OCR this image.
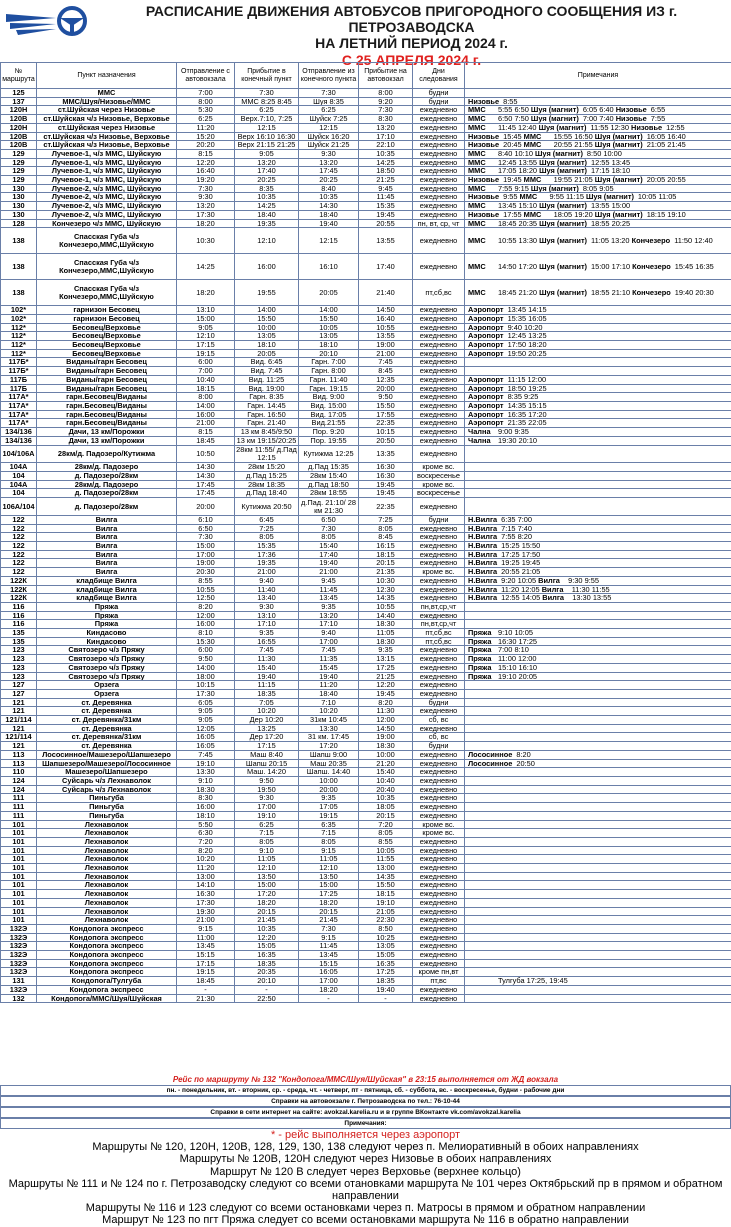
РАСПИСАНИЕ ДВИЖЕНИЯ АВТОБУСОВ ПРИГОРОДНОГО СООБЩЕНИЯ ИЗ г. ПЕТРОЗАВОДСКА
НА ЛЕТНИЙ ПЕРИОД 2024 г.
С 25 АПРЕЛЯ 2024 г.
№ маршрута	Пункт назначения	Отправление с автовокзала	Прибытие в конечный пункт	Отправление из конечного пункта	Прибытие на автовокзал	Дни следования	Примечания
125	ММС	7:00	7:30	7:30	8:00	будни	
137	ММС/Шуя/Низовье/ММС	8:00	ММС 8:25 8:45	Шуя 8:35	9:20	будни	Низовье 8:55
120Н	ст.Шуйская через Низовье	5:30	6:25	6:25	7:30	ежедневно	ММС 5:55 6:50 Шуя (магнит) 6:05 6:40 Низовье 6:55
120В	ст.Шуйская ч/з Низовье, Верховье	6:25	Верх.7:10, 7:25	Шуйск 7:25	8:30	ежедневно	ММС 6:50 7:50 Шуя (магнит) 7:00 7:40 Низовье 7:55
120Н	ст.Шуйская через Низовье	11:20	12:15	12:15	13:20	ежедневно	ММС 11:45 12:40 Шуя (магнит) 11:55 12:30 Низовье 12:55
120В	ст.Шуйская ч/з Низовье, Верховье	15:20	Верх 16:10 16:30	Шуйск 16:20	17:10	ежедневно	Низовье 15:45 ММС 15:55 16:50 Шуя (магнит) 16:05 16:40
120В	ст.Шуйская ч/з Низовье, Верховье	20:20	Верх 21:15 21:25	Шуйск 21:25	22:10	ежедневно	Низовье 20:45 ММС 20:55 21:55 Шуя (магнит) 21:05 21:45
129	Лучевое-1, ч/з ММС, Шуйскую	8:15	9:05	9:30	10:35	ежедневно	ММС 8:40 10:10 Шуя (магнит) 8:50 10:00
129	Лучевое-1, ч/з ММС, Шуйскую	12:20	13:20	13:20	14:25	ежедневно	ММС 12:45 13:55 Шуя (магнит) 12:55 13:45
129	Лучевое-1, ч/з ММС, Шуйскую	16:40	17:40	17:45	18:50	ежедневно	ММС 17:05 18:20 Шуя (магнит) 17:15 18:10
129	Лучевое-1, ч/з ММС, Шуйскую	19:20	20:25	20:25	21:25	ежедневно	Низовье 19:45 ММС 19:55 21:05 Шуя (магнит) 20:05 20:55
130	Лучевое-2, ч/з ММС, Шуйскую	7:30	8:35	8:40	9:45	ежедневно	ММС 7:55 9:15 Шуя (магнит) 8:05 9:05
130	Лучевое-2, ч/з ММС, Шуйскую	9:30	10:35	10:35	11:45	ежедневно	Низовье 9:55 ММС 9:55 11:15 Шуя (магнит) 10:05 11:05
130	Лучевое-2, ч/з ММС, Шуйскую	13:20	14:25	14:30	15:35	ежедневно	ММС 13:45 15:10 Шуя (магнит) 13:55 15:00
130	Лучевое-2, ч/з ММС, Шуйскую	17:30	18:40	18:40	19:45	ежедневно	Низовье 17:55 ММС 18:05 19:20 Шуя (магнит) 18:15 19:10
128	Кончезеро ч/з ММС, Шуйскую	18:20	19:35	19:40	20:55	пн, вт, ср, чт	ММС 18:45 20:35 Шуя (магнит) 18:55 20:25
138	Спасская Губа ч/з Кончезеро,ММС,Шуйскую	10:30	12:10	12:15	13:55	ежедневно	ММС 10:55 13:30 Шуя (магнит) 11:05 13:20 Кончезеро 11:50 12:40
138	Спасская Губа ч/з Кончезеро,ММС,Шуйскую	14:25	16:00	16:10	17:40	ежедневно	ММС 14:50 17:20 Шуя (магнит) 15:00 17:10 Кончезеро 15:45 16:35
138	Спасская Губа ч/з Кончезеро,ММС,Шуйскую	18:20	19:55	20:05	21:40	пт,сб,вс	ММС 18:45 21:20 Шуя (магнит) 18:55 21:10 Кончезеро 19:40 20:30
102*	гарнизон Бесовец	13:10	14:00	14:00	14:50	ежедневно	Аэропорт 13:45 14:15
102*	гарнизон Бесовец	15:00	15:50	15:50	16:40	ежедневно	Аэропорт 15:35 16:05
112*	Бесовец/Верховье	9:05	10:00	10:05	10:55	ежедневно	Аэропорт 9:40 10:20
112*	Бесовец/Верховье	12:10	13:05	13:05	13:55	ежедневно	Аэропорт 12:45 13:25
112*	Бесовец/Верховье	17:15	18:10	18:10	19:00	ежедневно	Аэропорт 17:50 18:20
112*	Бесовец/Верховье	19:15	20:05	20:10	21:00	ежедневно	Аэропорт 19:50 20:25
117Б*	Виданы/гарн Бесовец	6:00	Вид. 6:45	Гарн. 7:00	7:45	ежедневно	
117Б*	Виданы/гарн Бесовец	7:00	Вид. 7:45	Гарн. 8:00	8:45	ежедневно	
117Б	Виданы/гарн Бесовец	10:40	Вид. 11:25	Гарн. 11:40	12:35	ежедневно	Аэропорт 11:15 12:00
117Б	Виданы/гарн Бесовец	18:15	Вид. 19:00	Гарн. 19:15	20:00	ежедневно	Аэропорт 18:50 19:25
117А*	гарн.Бесовец/Виданы	8:00	Гарн. 8:35	Вид. 9:00	9:50	ежедневно	Аэропорт 8:35 9:25
117А*	гарн.Бесовец/Виданы	14:00	Гарн. 14:45	Вид. 15:00	15:50	ежедневно	Аэропорт 14:35 15:15
117А*	гарн.Бесовец/Виданы	16:00	Гарн. 16:50	Вид. 17:05	17:55	ежедневно	Аэропорт 16:35 17:20
117А*	гарн.Бесовец/Виданы	21:00	Гарн. 21:40	Вид.21:55	22:35	ежедневно	Аэропорт 21:35 22:05
134/136	Дачи, 13 км/Порожки	8:15	13 км 8:45/9:50	Пор. 9:20	10:15	ежедневно	Чална 9:00 9:35
134/136	Дачи, 13 км/Порожки	18:45	13 км 19:15/20:25	Пор. 19:55	20:50	ежедневно	Чална 19:30 20:10
104/106А	28км/д. Падозеро/Кутижма	10:50	28км 11:55/ д.Пад 12:15	Кутижма 12:25	13:35	ежедневно	
104А	28км/д. Падозеро	14:30	28км 15:20	д.Пад 15:35	16:30	кроме вс.	
104	д. Падозеро/28км	14:30	д.Пад 15:25	28км 15:40	16:30	воскресенье	
104А	28км/д. Падозеро	17:45	28км 18:35	д.Пад 18:50	19:45	кроме вс.	
104	д. Падозеро/28км	17:45	д.Пад 18:40	28км 18:55	19:45	воскресенье	
106А/104	д. Падозеро/28км	20:00	Кутижма 20:50	д.Пад. 21:10/ 28 км 21:30	22:35	ежедневно	
122	Вилга	6:10	6:45	6:50	7:25	будни	Н.Вилга 6:35 7:00
122	Вилга	6:50	7:25	7:30	8:05	ежедневно	Н.Вилга 7:15 7:40
122	Вилга	7:30	8:05	8:05	8:45	ежедневно	Н.Вилга 7:55 8:20
122	Вилга	15:00	15:35	15:40	16:15	ежедневно	Н.Вилга 15:25 15:50
122	Вилга	17:00	17:36	17:40	18:15	ежедневно	Н.Вилга 17:25 17:50
122	Вилга	19:00	19:35	19:40	20:15	ежедневно	Н.Вилга 19:25 19:45
122	Вилга	20:30	21:00	21:00	21:35	кроме вс.	Н.Вилга 20:55 21:05
122К	кладбище Вилга	8:55	9:40	9:45	10:30	ежедневно	Н.Вилга 9:20 10:05 Вилга 9:30 9:55
122К	кладбище Вилга	10:55	11:40	11:45	12:30	ежедневно	Н.Вилга 11:20 12:05 Вилга 11:30 11:55
122К	кладбище Вилга	12:50	13:40	13:45	14:35	ежедневно	Н.Вилга 12:55 14:05 Вилга 13:30 13:55
116	Пряжа	8:20	9:30	9:35	10:55	пн,вт,ср,чт	
116	Пряжа	12:00	13:10	13:20	14:40	ежедневно	
116	Пряжа	16:00	17:10	17:10	18:30	пн,вт,ср,чт	
135	Киндасово	8:10	9:35	9:40	11:05	пт,сб,вс	Пряжа 9:10 10:05
135	Киндасово	15:30	16:55	17:00	18:30	пт,сб,вс	Пряжа 16:30 17:25
123	Святозеро ч/з Пряжу	6:00	7:45	7:45	9:35	ежедневно	Пряжа 7:00 8:10
123	Святозеро ч/з Пряжу	9:50	11:30	11:35	13:15	ежедневно	Пряжа 11:00 12:00
123	Святозеро ч/з Пряжу	14:00	15:40	15:45	17:25	ежедневно	Пряжа 15:10 16:10
123	Святозеро ч/з Пряжу	18:00	19:40	19:40	21:25	ежедневно	Пряжа 19:10 20:05
127	Орзега	10:15	11:15	11:20	12:20	ежедневно	
127	Орзега	17:30	18:35	18:40	19:45	ежедневно	
121	ст. Деревянка	6:05	7:05	7:10	8:20	будни	
121	ст. Деревянка	9:05	10:20	10:20	11:30	ежедневно	
121/114	ст. Деревянка/31км	9:05	Дер 10:20	31км 10:45	12:00	сб, вс	
121	ст. Деревянка	12:05	13:25	13:30	14:50	ежедневно	
121/114	ст. Деревянка/31км	16:05	Дер 17:20	31 км. 17:45	19:00	сб, вс	
121	ст. Деревянка	16:05	17:15	17:20	18:30	будни	
113	Лососинное/Машезеро/Шапшезеро	7:45	Маш 8:40	Шапш 9:00	10:00	ежедневно	Лососинное 8:20
113	Шапшезеро/Машезеро/Лососинное	19:10	Шапш 20:15	Маш 20:35	21:20	ежедневно	Лососинное 20:50
110	Машезеро/Шапшезеро	13:30	Маш. 14:20	Шапш. 14:40	15:40	ежедневно	
124	Суйсарь ч/з Лехнаволок	9:10	9:50	10:00	10:40	ежедневно	
124	Суйсарь ч/з Лехнаволок	18:30	19:50	20:00	20:40	ежедневно	
111	Пиньгуба	8:30	9:30	9:35	10:35	ежедневно	
111	Пиньгуба	16:00	17:00	17:05	18:05	ежедневно	
111	Пиньгуба	18:10	19:10	19:15	20:15	ежедневно	
101	Лехнаволок	5:50	6:25	6:35	7:20	кроме вс.	
101	Лехнаволок	6:30	7:15	7:15	8:05	кроме вс.	
101	Лехнаволок	7:20	8:05	8:05	8:55	ежедневно	
101	Лехнаволок	8:20	9:10	9:15	10:05	ежедневно	
101	Лехнаволок	10:20	11:05	11:05	11:55	ежедневно	
101	Лехнаволок	11:20	12:10	12:10	13:00	ежедневно	
101	Лехнаволок	13:00	13:50	13:50	14:35	ежедневно	
101	Лехнаволок	14:10	15:00	15:00	15:50	ежедневно	
101	Лехнаволок	16:30	17:20	17:25	18:15	ежедневно	
101	Лехнаволок	17:30	18:20	18:20	19:10	ежедневно	
101	Лехнаволок	19:30	20:15	20:15	21:05	ежедневно	
101	Лехнаволок	21:00	21:45	21:45	22:30	ежедневно	
132Э	Кондопога экспресс	9:15	10:35	7:30	8:50	ежедневно	
132Э	Кондопога экспресс	11:00	12:20	9:15	10:25	ежедневно	
132Э	Кондопога экспресс	13:45	15:05	11:45	13:05	ежедневно	
132Э	Кондопога экспресс	15:15	16:35	13:45	15:05	ежедневно	
132Э	Кондопога экспресс	17:15	18:35	15:15	16:35	ежедневно	
132Э	Кондопога экспресс	19:15	20:35	16:05	17:25	кроме пн,вт	
131	Кондопога/Тулгуба	18:45	20:10	17:00	18:35	пт,вс	Тулгуба 17:25, 19:45
132Э	Кондопога экспресс	-	-	18:20	19:40	ежедневно	
132	Кондопога/ММС/Шуя/Шуйская	21:30	22:50	-	-	ежедневно	
Рейс по маршруту № 132 "Кондопога/ММС/Шуя/Шуйская" в 23:15 выполняется от ЖД вокзала
пн. - понедельник, вт. - вторник, ср. - среда, чт. - четверг, пт - пятница, сб. - суббота, вс. - воскресенье, будни - рабочие дни
Справки на автовокзале г. Петрозаводска по тел.: 76-10-44
Справки в сети интернет на сайте: avokzal.karelia.ru и в группе ВКонтакте vk.com/avokzal.karelia
Примечания:
* - рейс выполняется через аэропорт
Маршруты № 120, 120Н, 120В, 128, 129, 130, 138 следуют через п. Мелиоративный в обоих направлениях
Маршруты № 120В, 120Н следуют через Низовье в обоих направлениях
Маршрут № 120 В следует через Верховье (верхнее кольцо)
Маршруты № 111 и № 124 по г. Петрозаводску следуют со всеми отановками маршрута № 101 через Октябрьский пр в прямом и обратном направлении
Маршруты № 116 и 123 следуют со всеми остановками через п. Матросы в прямом и обратном направлении
Маршрут № 123 по пгт Пряжа следует со всеми остановками маршрута № 116 в обратно направлении
